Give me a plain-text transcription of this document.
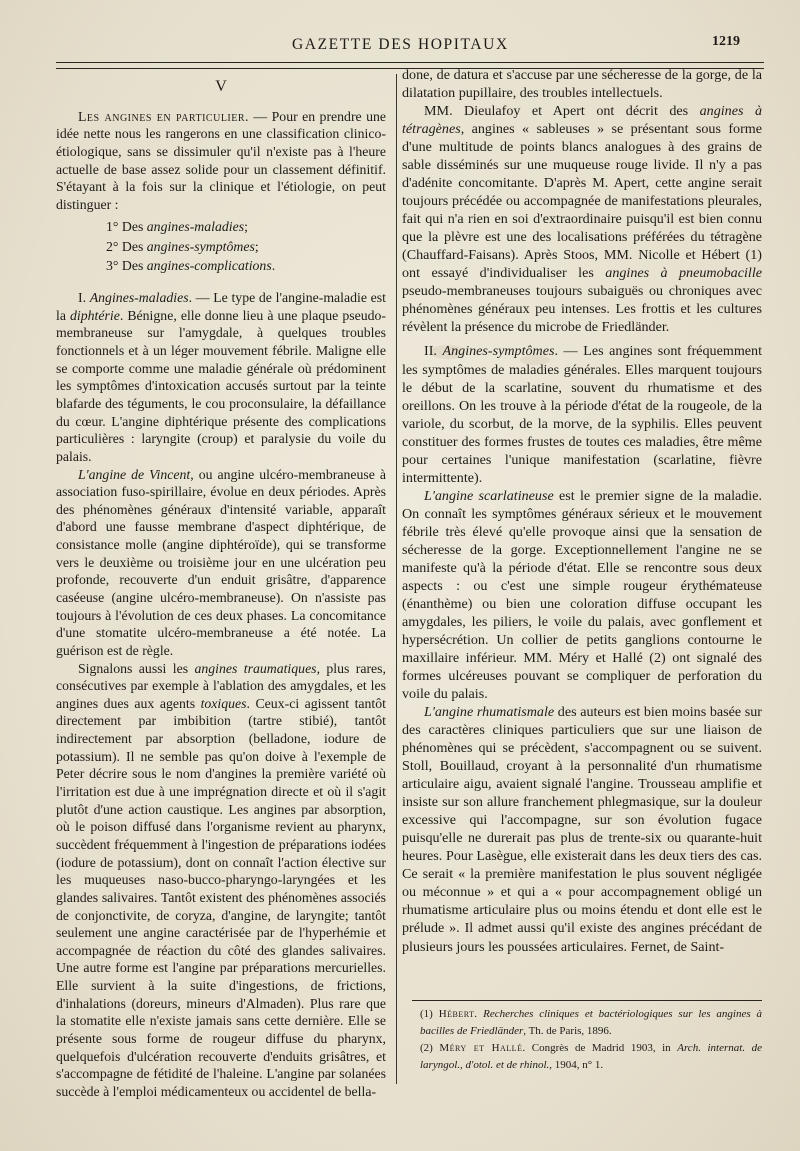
GAZETTE DES HOPITAUX	1219

V

Les angines en particulier. — Pour en prendre une idée nette nous les rangerons en une classification clinico-étiologique, sans se dissimuler qu'il n'existe pas à l'heure actuelle de base assez solide pour un classement définitif. S'étayant à la fois sur la clinique et l'étiologie, on peut distinguer :

1° Des angines-maladies;
2° Des angines-symptômes;
3° Des angines-complications.

I. Angines-maladies. — Le type de l'angine-maladie est la diphtérie. Bénigne, elle donne lieu à une plaque pseudo-membraneuse sur l'amygdale, à quelques troubles fonctionnels et à un léger mouvement fébrile. Maligne elle se comporte comme une maladie générale où prédominent les symptômes d'intoxication accusés surtout par la teinte blafarde des téguments, le cou proconsulaire, la défaillance du cœur. L'angine diphtérique présente des complications particulières : laryngite (croup) et paralysie du voile du palais.

L'angine de Vincent, ou angine ulcéro-membraneuse à association fuso-spirillaire, évolue en deux périodes. Après des phénomènes généraux d'intensité variable, apparaît d'abord une fausse membrane d'aspect diphtérique, de consistance molle (angine diphtéroïde), qui se transforme vers le deuxième ou troisième jour en une ulcération peu profonde, recouverte d'un enduit grisâtre, d'apparence caséeuse (angine ulcéro-membraneuse). On n'assiste pas toujours à l'évolution de ces deux phases. La concomitance d'une stomatite ulcéro-membraneuse a été notée. La guérison est de règle.

Signalons aussi les angines traumatiques, plus rares, consécutives par exemple à l'ablation des amygdales, et les angines dues aux agents toxiques. Ceux-ci agissent tantôt directement par imbibition (tartre stibié), tantôt indirectement par absorption (belladone, iodure de potassium). Il ne semble pas qu'on doive à l'exemple de Peter décrire sous le nom d'angines la première variété où l'irritation est due à une imprégnation directe et où il s'agit plutôt d'une action caustique. Les angines par absorption, où le poison diffusé dans l'organisme revient au pharynx, succèdent fréquemment à l'ingestion de préparations iodées (iodure de potassium), dont on connaît l'action élective sur les muqueuses naso-bucco-pharyngo-laryngées et les glandes salivaires. Tantôt existent des phénomènes associés de conjonctivite, de coryza, d'angine, de laryngite; tantôt seulement une angine caractérisée par de l'hyperhémie et accompagnée de réaction du côté des glandes salivaires. Une autre forme est l'angine par préparations mercurielles. Elle survient à la suite d'ingestions, de frictions, d'inhalations (doreurs, mineurs d'Almaden). Plus rare que la stomatite elle n'existe jamais sans cette dernière. Elle se présente sous forme de rougeur diffuse du pharynx, quelquefois d'ulcération recouverte d'enduits grisâtres, et s'accompagne de fétidité de l'haleine. L'angine par solanées succède à l'emploi médicamenteux ou accidentel de bella-

done, de datura et s'accuse par une sécheresse de la gorge, de la dilatation pupillaire, des troubles intellectuels.

MM. Dieulafoy et Apert ont décrit des angines à tétragènes, angines « sableuses » se présentant sous forme d'une multitude de points blancs analogues à des grains de sable disséminés sur une muqueuse rouge livide. Il n'y a pas d'adénite concomitante. D'après M. Apert, cette angine serait toujours précédée ou accompagnée de manifestations pleurales, fait qui n'a rien en soi d'extraordinaire puisqu'il est bien connu que la plèvre est une des localisations préférées du tétragène (Chauffard-Faisans). Après Stoos, MM. Nicolle et Hébert (1) ont essayé d'individualiser les angines à pneumobacille pseudo-membraneuses toujours subaiguës ou chroniques avec phénomènes généraux peu intenses. Les frottis et les cultures révèlent la présence du microbe de Friedländer.

II. Angines-symptômes. — Les angines sont fréquemment les symptômes de maladies générales. Elles marquent toujours le début de la scarlatine, souvent du rhumatisme et des oreillons. On les trouve à la période d'état de la rougeole, de la variole, du scorbut, de la morve, de la syphilis. Elles peuvent constituer des formes frustes de toutes ces maladies, être même pour certaines l'unique manifestation (scarlatine, fièvre intermittente).

L'angine scarlatineuse est le premier signe de la maladie. On connaît les symptômes généraux sérieux et le mouvement fébrile très élevé qu'elle provoque ainsi que la sensation de sécheresse de la gorge. Exceptionnellement l'angine ne se manifeste qu'à la période d'état. Elle se rencontre sous deux aspects : ou c'est une simple rougeur érythémateuse (énanthème) ou bien une coloration diffuse occupant les amygdales, les piliers, le voile du palais, avec gonflement et hypersécrétion. Un collier de petits ganglions contourne le maxillaire inférieur. MM. Méry et Hallé (2) ont signalé des formes ulcéreuses pouvant se compliquer de perforation du voile du palais.

L'angine rhumatismale des auteurs est bien moins basée sur des caractères cliniques particuliers que sur une liaison de phénomènes qui se précèdent, s'accompagnent ou se suivent. Stoll, Bouillaud, croyant à la personnalité d'un rhumatisme articulaire aigu, avaient signalé l'angine. Trousseau amplifie et insiste sur son allure franchement phlegmasique, sur la douleur excessive qui l'accompagne, sur son évolution fugace puisqu'elle ne durerait pas plus de trente-six ou quarante-huit heures. Pour Lasègue, elle existerait dans les deux tiers des cas. Ce serait « la première manifestation le plus souvent négligée ou méconnue » et qui a « pour accompagnement obligé un rhumatisme articulaire plus ou moins étendu et dont elle est le prélude ». Il admet aussi qu'il existe des angines précédant de plusieurs jours les poussées articulaires. Fernet, de Saint-

(1) Hébert. Recherches cliniques et bactériologiques sur les angines à bacilles de Friedländer, Th. de Paris, 1896.

(2) Méry et Hallé. Congrès de Madrid 1903, in Arch. internat. de laryngol., d'otol. et de rhinol., 1904, n° 1.
